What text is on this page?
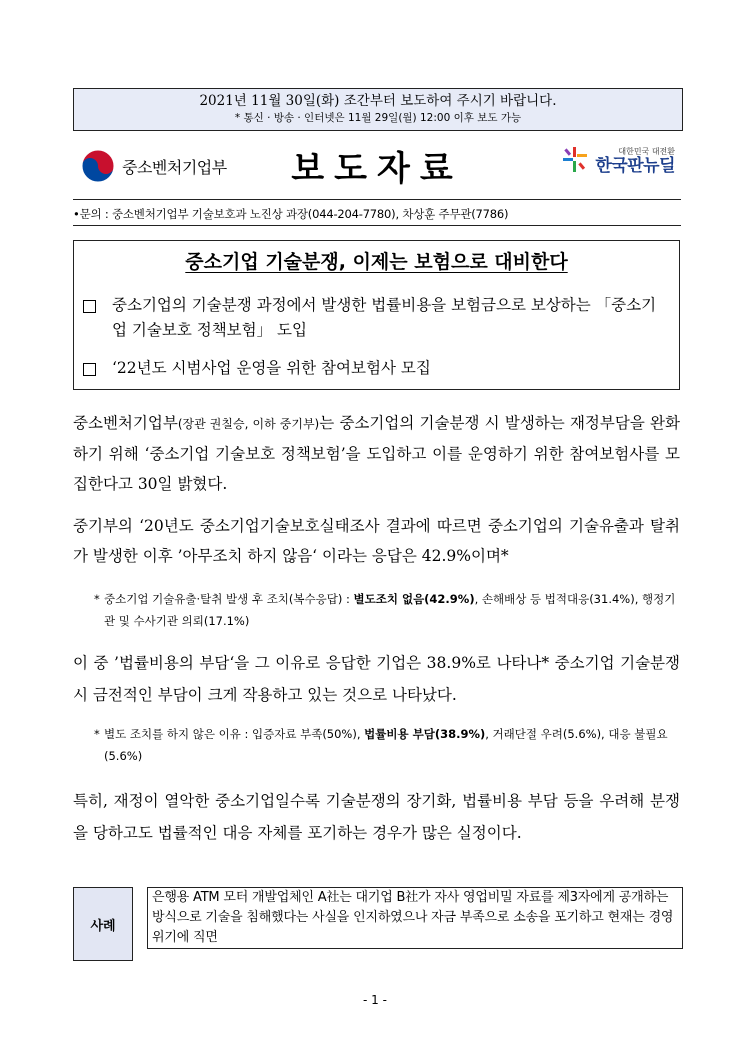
2021년 11월 30일(화) 조간부터 보도하여 주시기 바랍니다.
* 통신 · 방송 · 인터넷은 11월 29일(월) 12:00 이후 보도 가능
중소벤처기업부	보도자료	대한민국 대전환
한국판뉴딜
•문의 : 중소벤처기업부 기술보호과 노진상 과장(044-204-7780), 차상훈 주무관(7786)
중소기업 기술분쟁, 이제는 보험으로 대비한다
중소기업의 기술분쟁 과정에서 발생한 법률비용을 보험금으로 보상하는 「중소기업 기술보호 정책보험」 도입
‘22년도 시범사업 운영을 위한 참여보험사 모집
중소벤처기업부(장관 권칠승, 이하 중기부)는 중소기업의 기술분쟁 시 발생하는 재정부담을 완화하기 위해 ‘중소기업 기술보호 정책보험’을 도입하고 이를 운영하기 위한 참여보험사를 모집한다고 30일 밝혔다.
중기부의 ‘20년도 중소기업기술보호실태조사 결과에 따르면 중소기업의 기술유출과 탈취가 발생한 이후 ’아무조치 하지 않음‘ 이라는 응답은 42.9%이며*
* 중소기업 기술유출·탈취 발생 후 조치(복수응답) : 별도조치 없음(42.9%), 손해배상 등 법적대응(31.4%), 행정기관 및 수사기관 의뢰(17.1%)
이 중 ’법률비용의 부담‘을 그 이유로 응답한 기업은 38.9%로 나타나* 중소기업 기술분쟁 시 금전적인 부담이 크게 작용하고 있는 것으로 나타났다.
* 별도 조치를 하지 않은 이유 : 입증자료 부족(50%), 법률비용 부담(38.9%), 거래단절 우려(5.6%), 대응 불필요(5.6%)
특히, 재정이 열악한 중소기업일수록 기술분쟁의 장기화, 법률비용 부담 등을 우려해 분쟁을 당하고도 법률적인 대응 자체를 포기하는 경우가 많은 실정이다.
사례
은행용 ATM 모터 개발업체인 A社는 대기업 B社가 자사 영업비밀 자료를 제3자에게 공개하는 방식으로 기술을 침해했다는 사실을 인지하였으나 자금 부족으로 소송을 포기하고 현재는 경영위기에 직면
- 1 -
